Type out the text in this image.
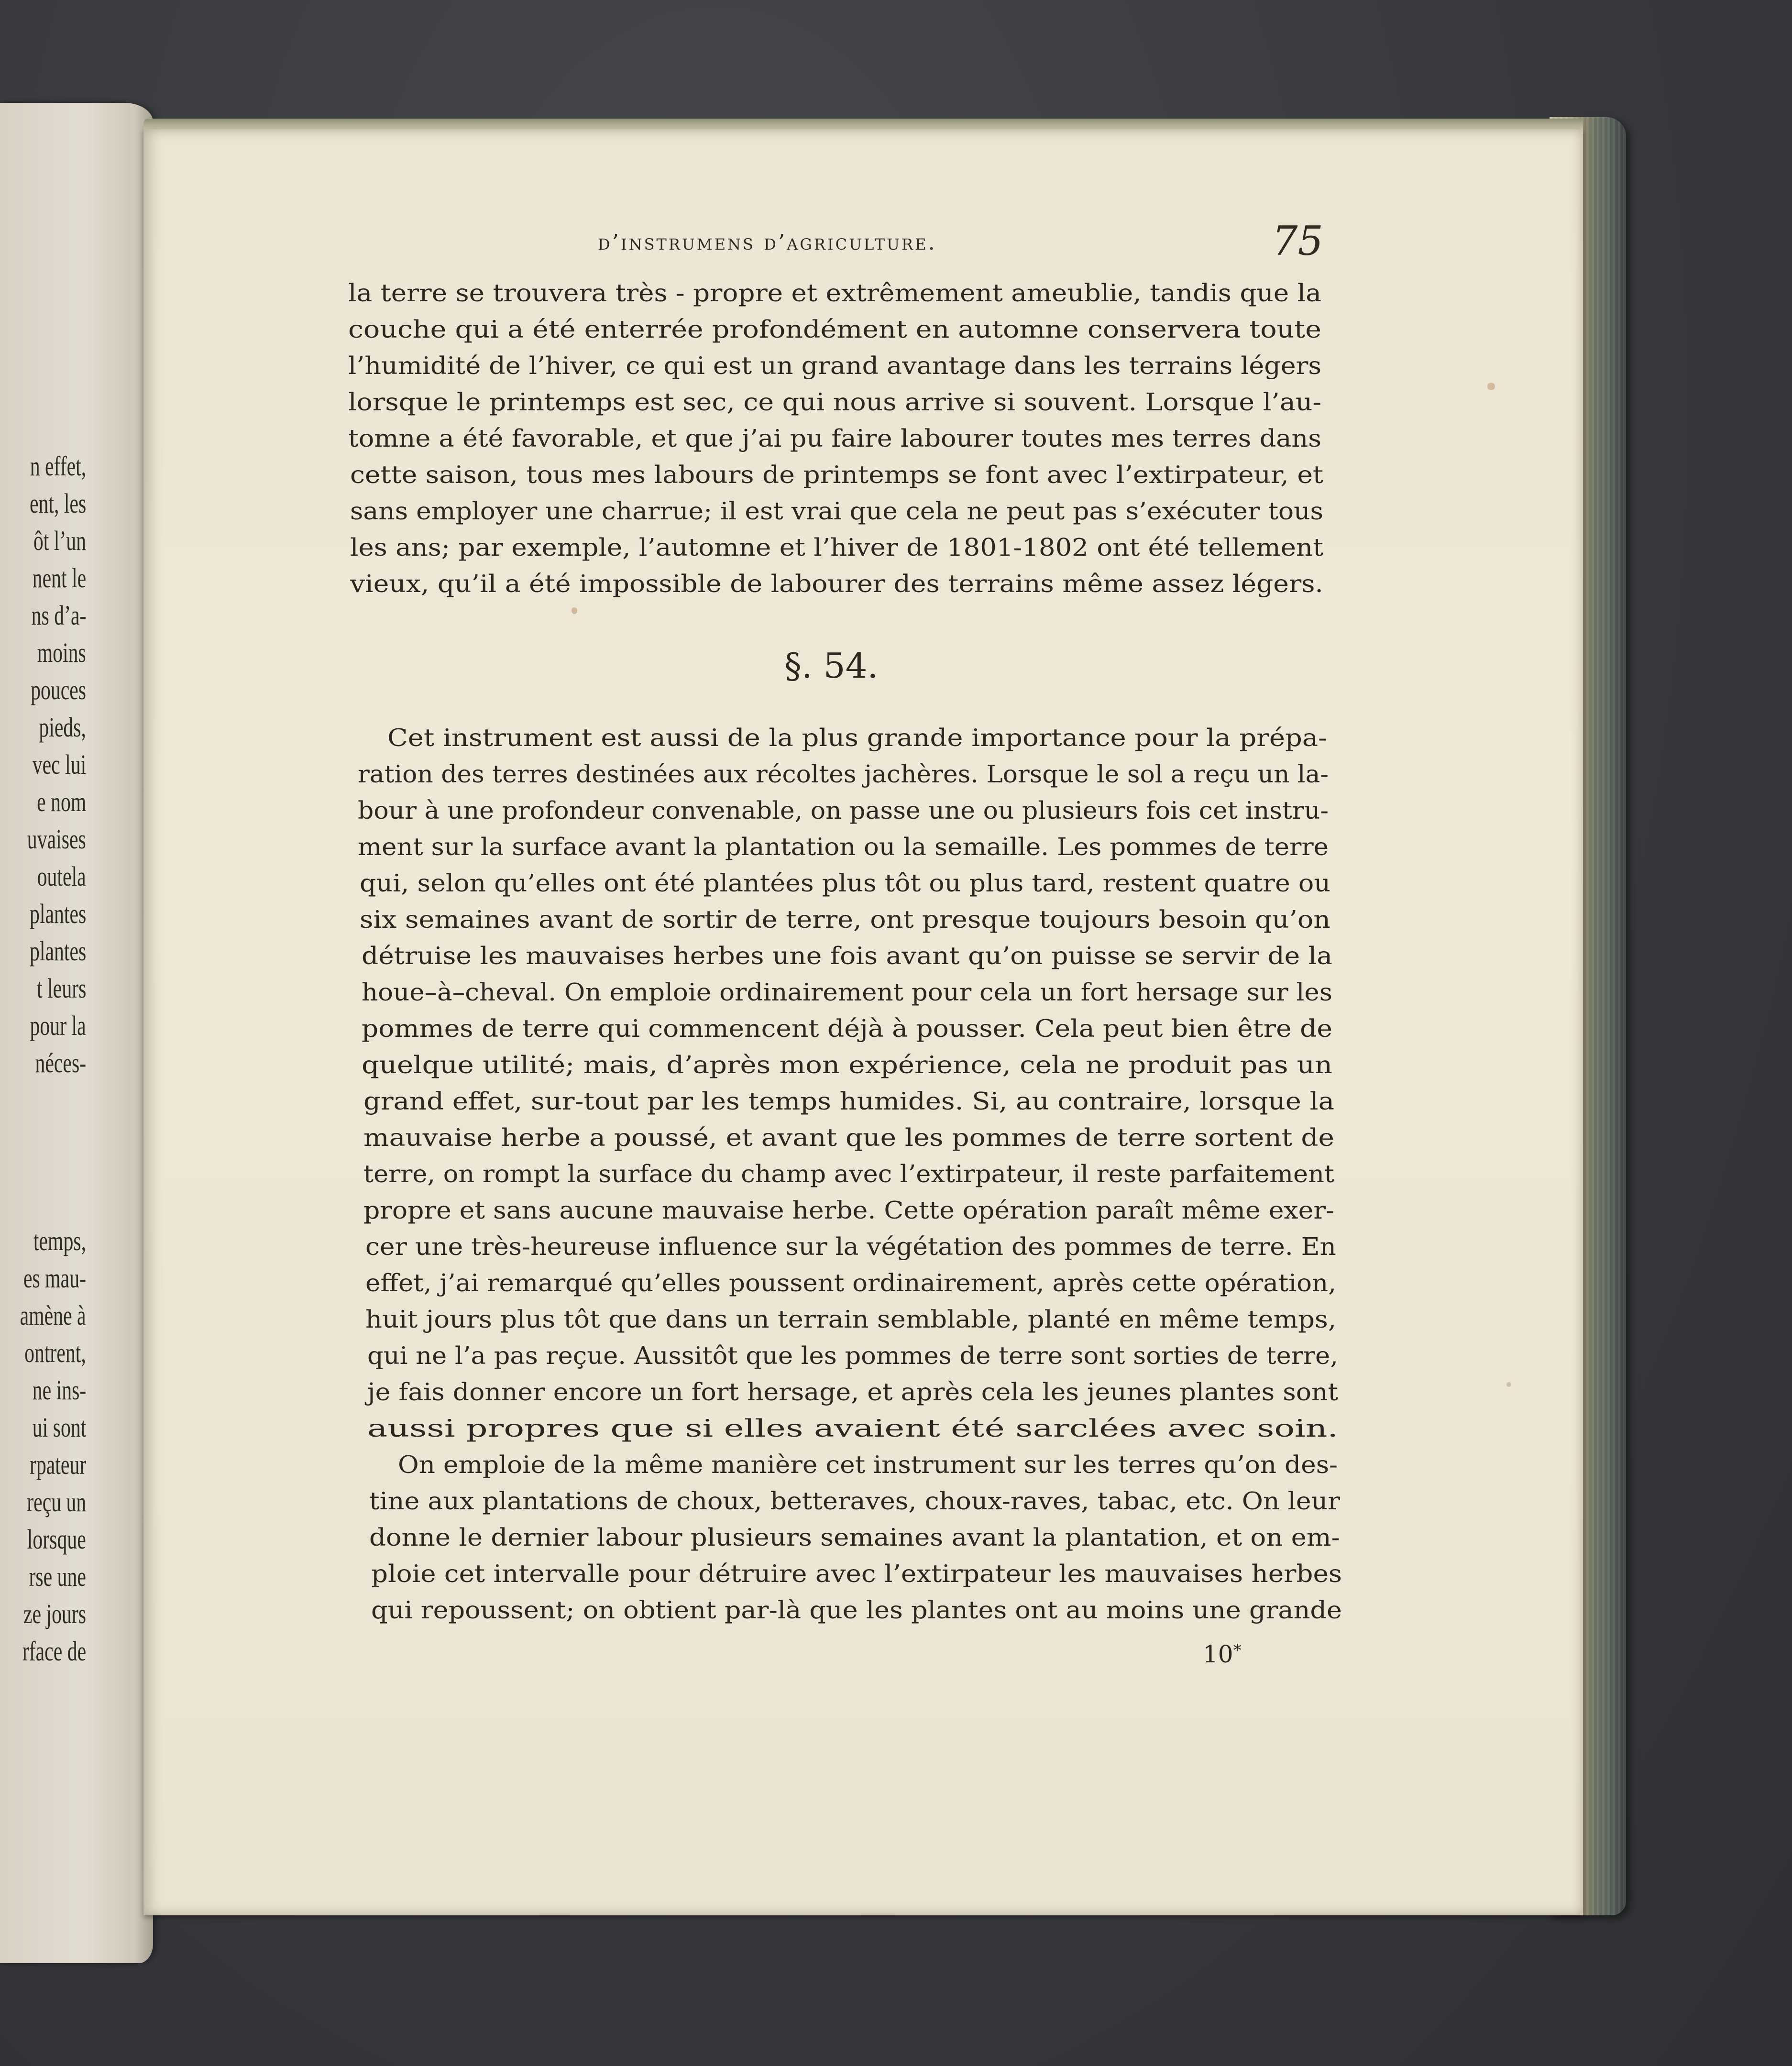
n effet,
ent, les
ôt l’un
nent le
ns d’a-
moins
pouces
pieds,
vec lui
e nom
uvaises
outela
plantes
plantes
t leurs
pour la
néces-
temps,
es mau-
amène à
ontrent,
ne ins-
ui sont
rpateur
reçu un
lorsque
rse une
ze jours
rface de
d’instrumens d’agriculture.	75
la terre se trouvera très - propre et extrêmement ameublie, tandis que la
couche qui a été enterrée profondément en automne conservera toute
l’humidité de l’hiver, ce qui est un grand avantage dans les terrains légers
lorsque le printemps est sec, ce qui nous arrive si souvent. Lorsque l’au-
tomne a été favorable, et que j’ai pu faire labourer toutes mes terres dans
cette saison, tous mes labours de printemps se font avec l’extirpateur, et
sans employer une charrue; il est vrai que cela ne peut pas s’exécuter tous
les ans; par exemple, l’automne et l’hiver de 1801-1802 ont été tellement
vieux, qu’il a été impossible de labourer des terrains même assez légers.
§. 54.
Cet instrument est aussi de la plus grande importance pour la prépa-
ration des terres destinées aux récoltes jachères. Lorsque le sol a reçu un la-
bour à une profondeur convenable, on passe une ou plusieurs fois cet instru-
ment sur la surface avant la plantation ou la semaille. Les pommes de terre
qui, selon qu’elles ont été plantées plus tôt ou plus tard, restent quatre ou
six semaines avant de sortir de terre, ont presque toujours besoin qu’on
détruise les mauvaises herbes une fois avant qu’on puisse se servir de la
houe–à–cheval. On emploie ordinairement pour cela un fort hersage sur les
pommes de terre qui commencent déjà à pousser. Cela peut bien être de
quelque utilité; mais, d’après mon expérience, cela ne produit pas un
grand effet, sur-tout par les temps humides. Si, au contraire, lorsque la
mauvaise herbe a poussé, et avant que les pommes de terre sortent de
terre, on rompt la surface du champ avec l’extirpateur, il reste parfaitement
propre et sans aucune mauvaise herbe. Cette opération paraît même exer-
cer une très-heureuse influence sur la végétation des pommes de terre. En
effet, j’ai remarqué qu’elles poussent ordinairement, après cette opération,
huit jours plus tôt que dans un terrain semblable, planté en même temps,
qui ne l’a pas reçue. Aussitôt que les pommes de terre sont sorties de terre,
je fais donner encore un fort hersage, et après cela les jeunes plantes sont
aussi propres que si elles avaient été sarclées avec soin.
On emploie de la même manière cet instrument sur les terres qu’on des-
tine aux plantations de choux, betteraves, choux-raves, tabac, etc. On leur
donne le dernier labour plusieurs semaines avant la plantation, et on em-
ploie cet intervalle pour détruire avec l’extirpateur les mauvaises herbes
qui repoussent; on obtient par-là que les plantes ont au moins une grande
10*
